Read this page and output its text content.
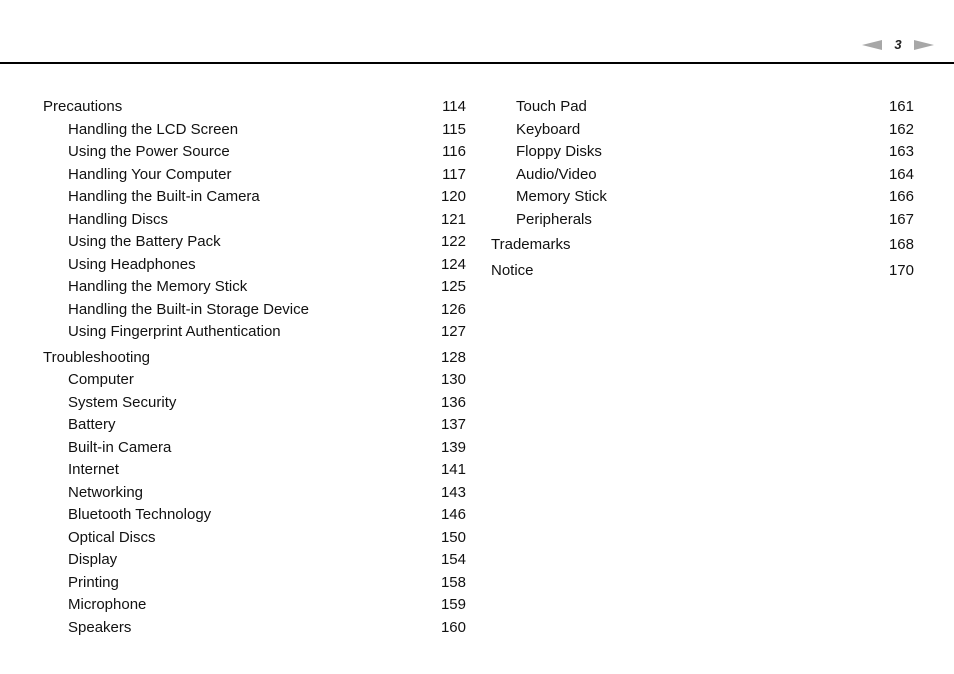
3
Precautions	114
Handling the LCD Screen	115
Using the Power Source	116
Handling Your Computer	117
Handling the Built-in Camera	120
Handling Discs	121
Using the Battery Pack	122
Using Headphones	124
Handling the Memory Stick	125
Handling the Built-in Storage Device	126
Using Fingerprint Authentication	127
Troubleshooting	128
Computer	130
System Security	136
Battery	137
Built-in Camera	139
Internet	141
Networking	143
Bluetooth Technology	146
Optical Discs	150
Display	154
Printing	158
Microphone	159
Speakers	160
Touch Pad	161
Keyboard	162
Floppy Disks	163
Audio/Video	164
Memory Stick	166
Peripherals	167
Trademarks	168
Notice	170
